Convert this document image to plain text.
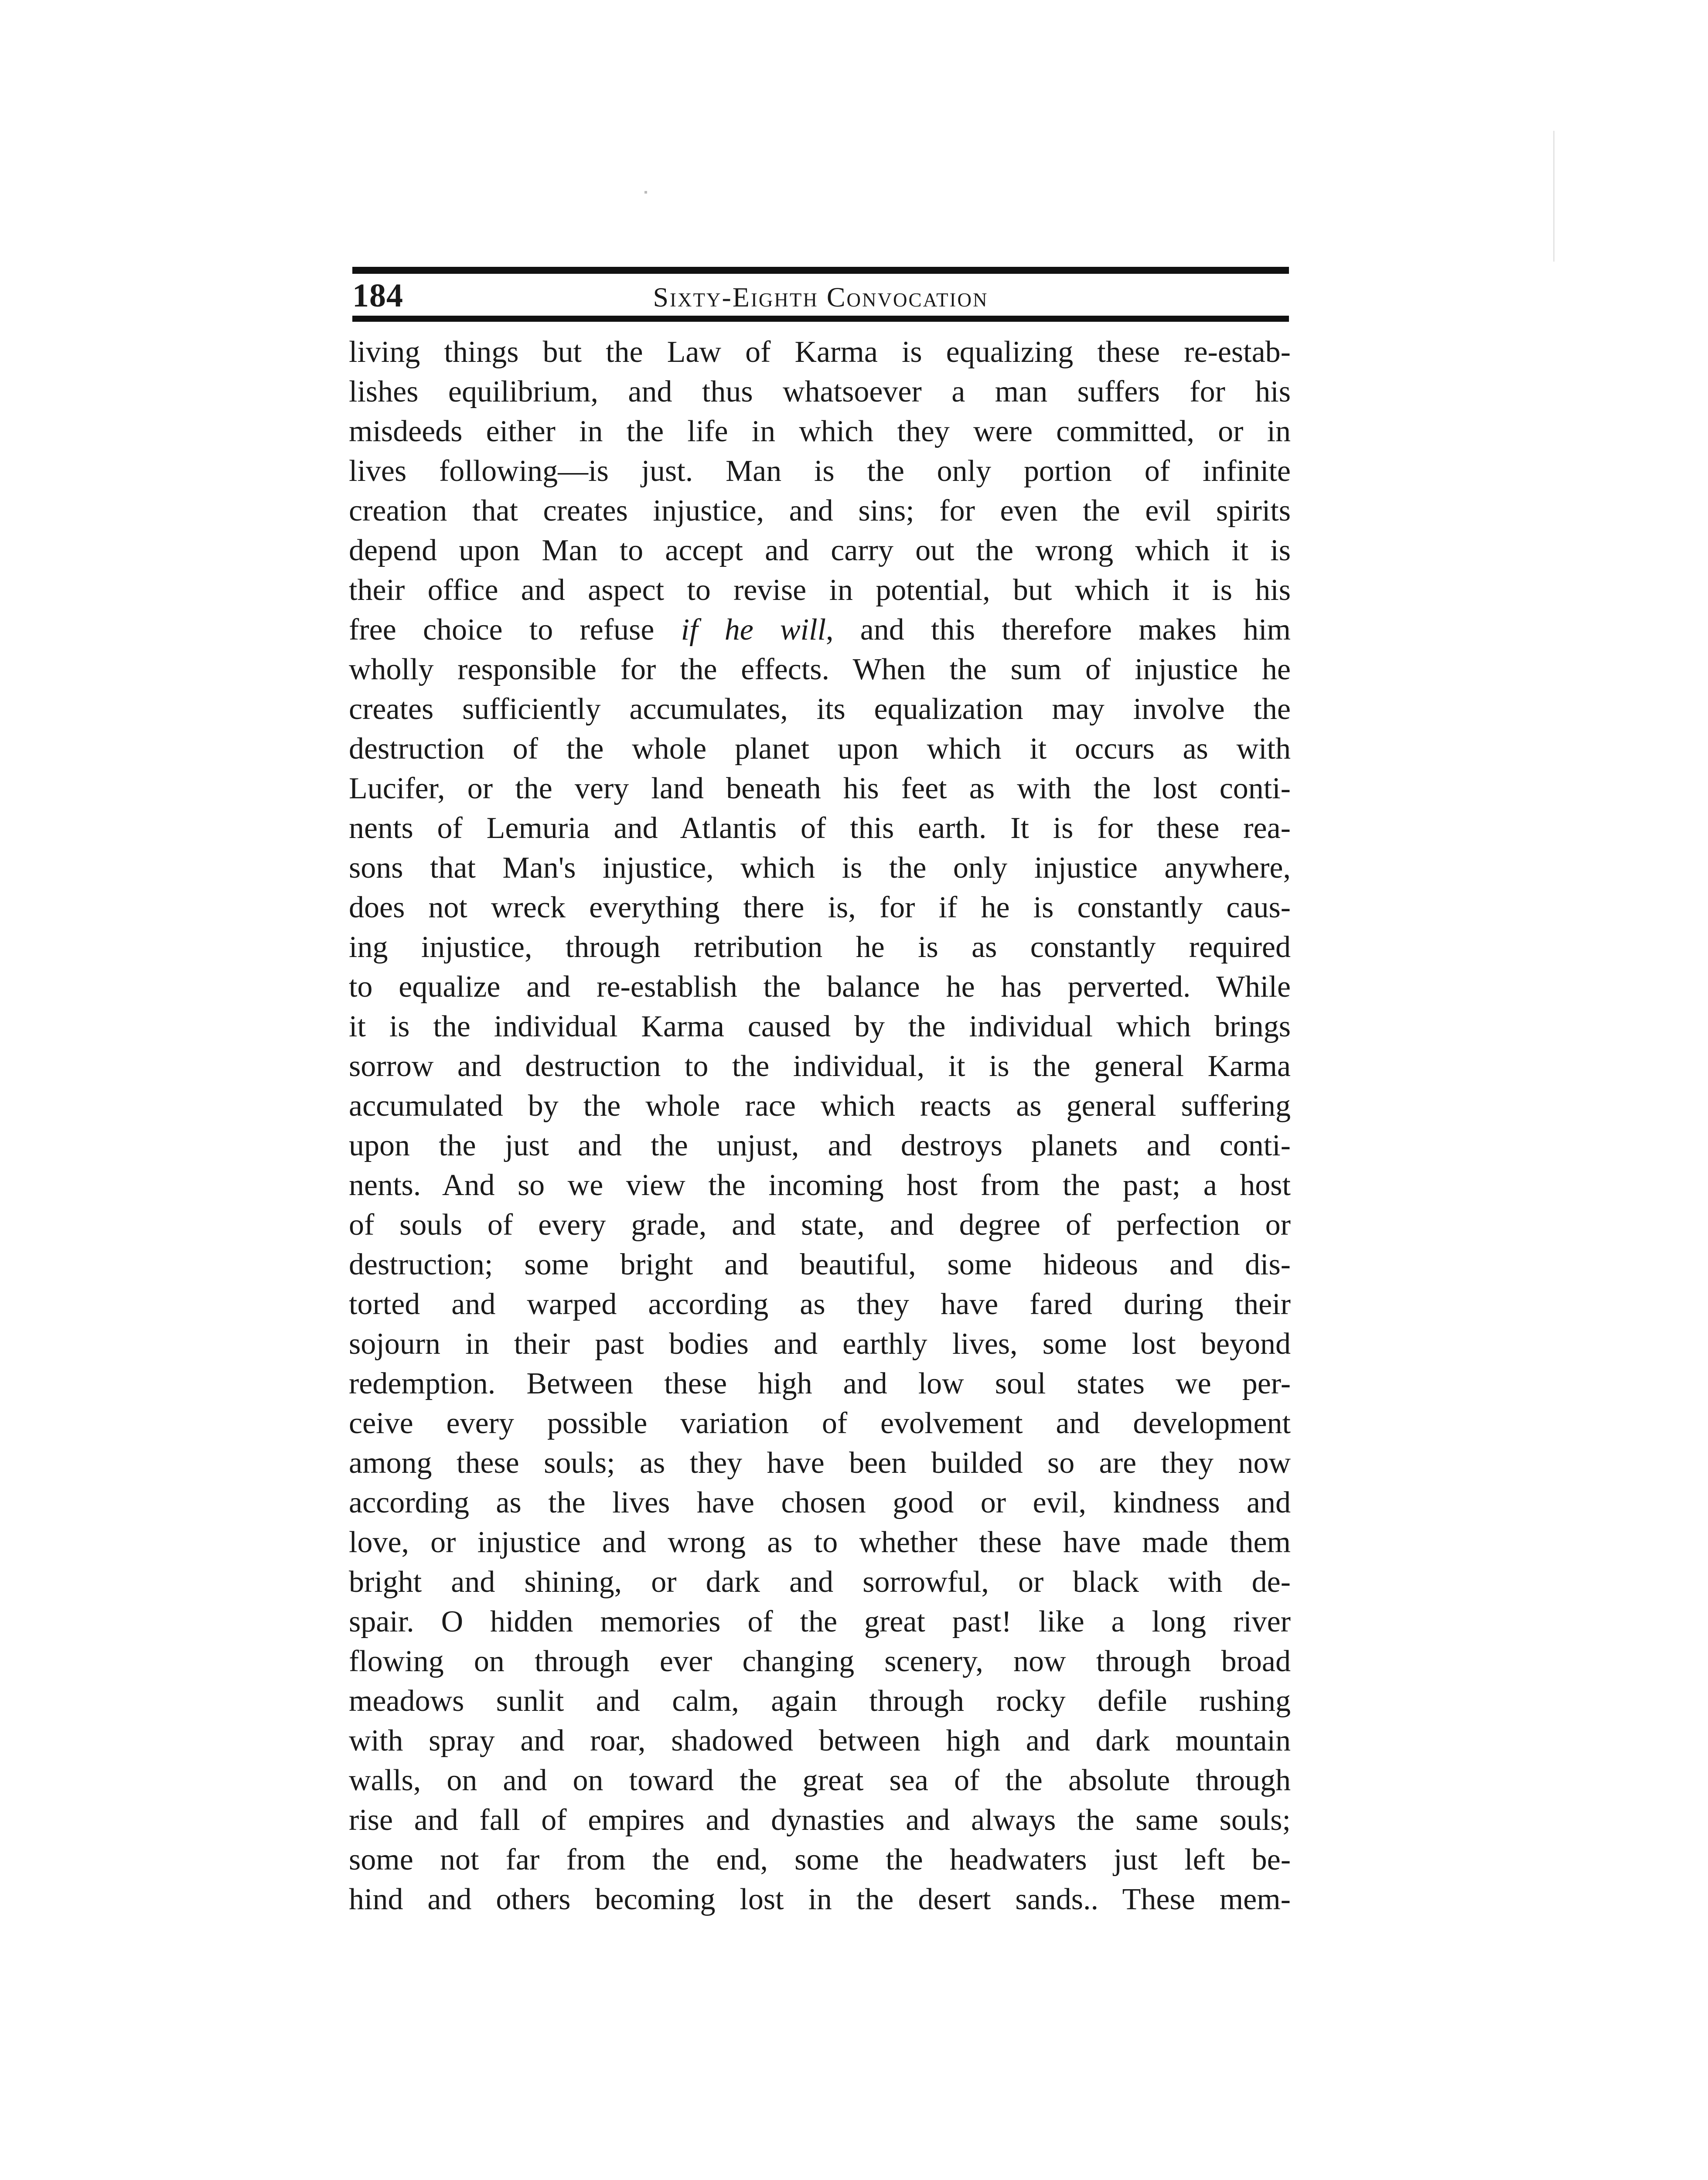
184	Sixty-Eighth Convocation
living things but the Law of Karma is equalizing these re-estab-
lishes equilibrium, and thus whatsoever a man suffers for his
misdeeds either in the life in which they were committed, or in
lives following—is just. Man is the only portion of infinite
creation that creates injustice, and sins; for even the evil spirits
depend upon Man to accept and carry out the wrong which it is
their office and aspect to revise in potential, but which it is his
free choice to refuse if he will, and this therefore makes him
wholly responsible for the effects. When the sum of injustice he
creates sufficiently accumulates, its equalization may involve the
destruction of the whole planet upon which it occurs as with
Lucifer, or the very land beneath his feet as with the lost conti-
nents of Lemuria and Atlantis of this earth. It is for these rea-
sons that Man's injustice, which is the only injustice anywhere,
does not wreck everything there is, for if he is constantly caus-
ing injustice, through retribution he is as constantly required
to equalize and re-establish the balance he has perverted. While
it is the individual Karma caused by the individual which brings
sorrow and destruction to the individual, it is the general Karma
accumulated by the whole race which reacts as general suffering
upon the just and the unjust, and destroys planets and conti-
nents. And so we view the incoming host from the past; a host
of souls of every grade, and state, and degree of perfection or
destruction; some bright and beautiful, some hideous and dis-
torted and warped according as they have fared during their
sojourn in their past bodies and earthly lives, some lost beyond
redemption. Between these high and low soul states we per-
ceive every possible variation of evolvement and development
among these souls; as they have been builded so are they now
according as the lives have chosen good or evil, kindness and
love, or injustice and wrong as to whether these have made them
bright and shining, or dark and sorrowful, or black with de-
spair. O hidden memories of the great past! like a long river
flowing on through ever changing scenery, now through broad
meadows sunlit and calm, again through rocky defile rushing
with spray and roar, shadowed between high and dark mountain
walls, on and on toward the great sea of the absolute through
rise and fall of empires and dynasties and always the same souls;
some not far from the end, some the headwaters just left be-
hind and others becoming lost in the desert sands.. These mem-
